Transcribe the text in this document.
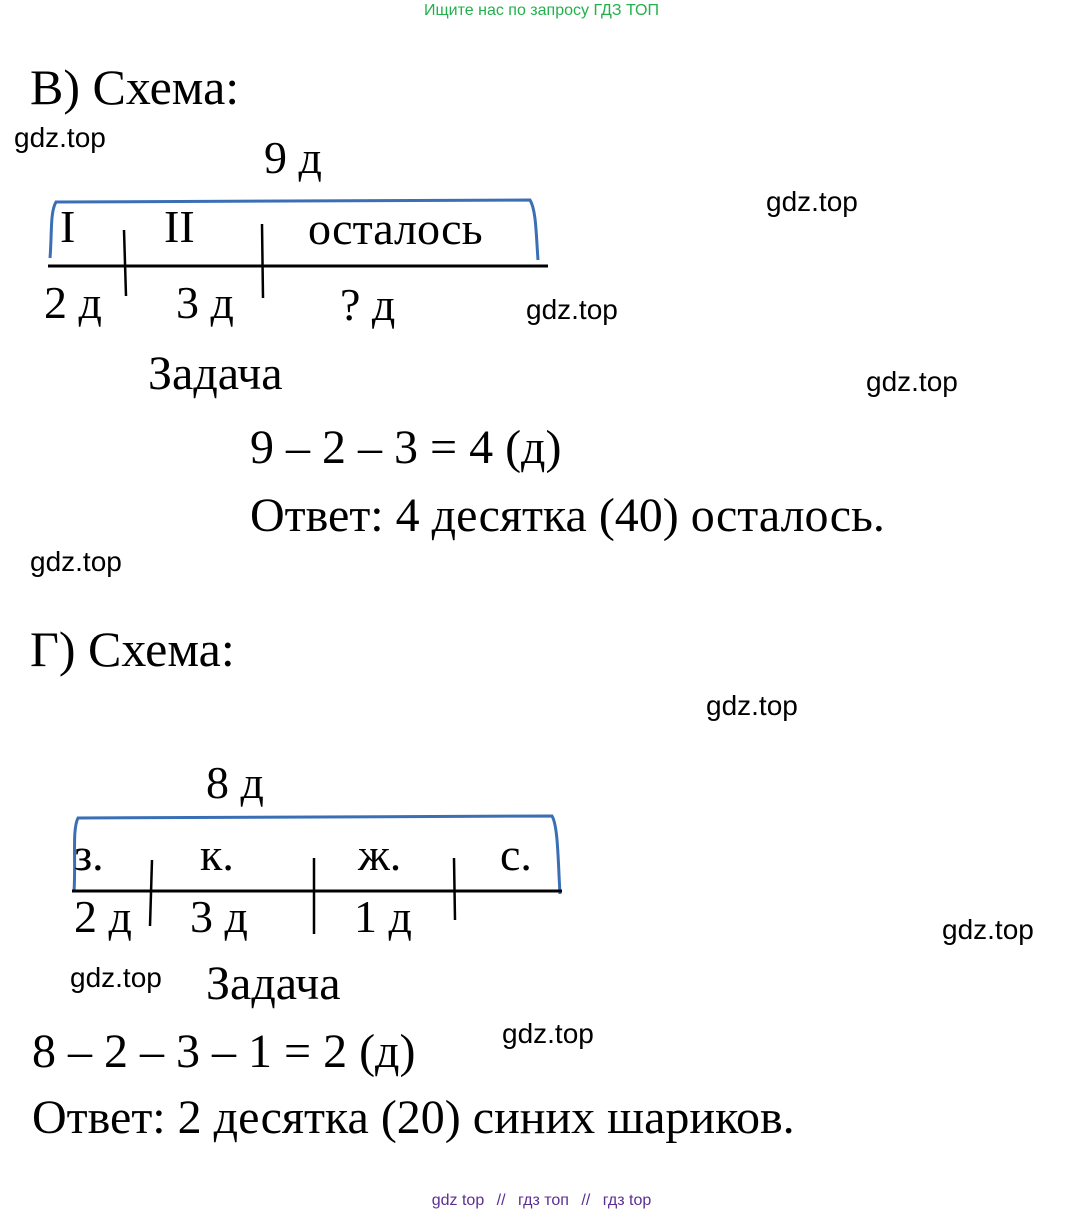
Ищите нас по запросу ГДЗ ТОП
В) Схема:
gdz.top	9 д
gdz.top
I II осталось
2 д 3 д ? д	gdz.top
Задача	gdz.top
9 – 2 – 3 = 4 (д)
Ответ: 4 десятка (40) осталось.
gdz.top
Г) Схема:
gdz.top
8 д
з. к.	ж. с.
2 д 3 д 1 д	gdz.top
gdz.top Задача
8 – 2 – 3 – 1 = 2 (д)	gdz.top
Ответ: 2 десятка (20) синих шариков.
gdz top // гдз топ // гдз top
